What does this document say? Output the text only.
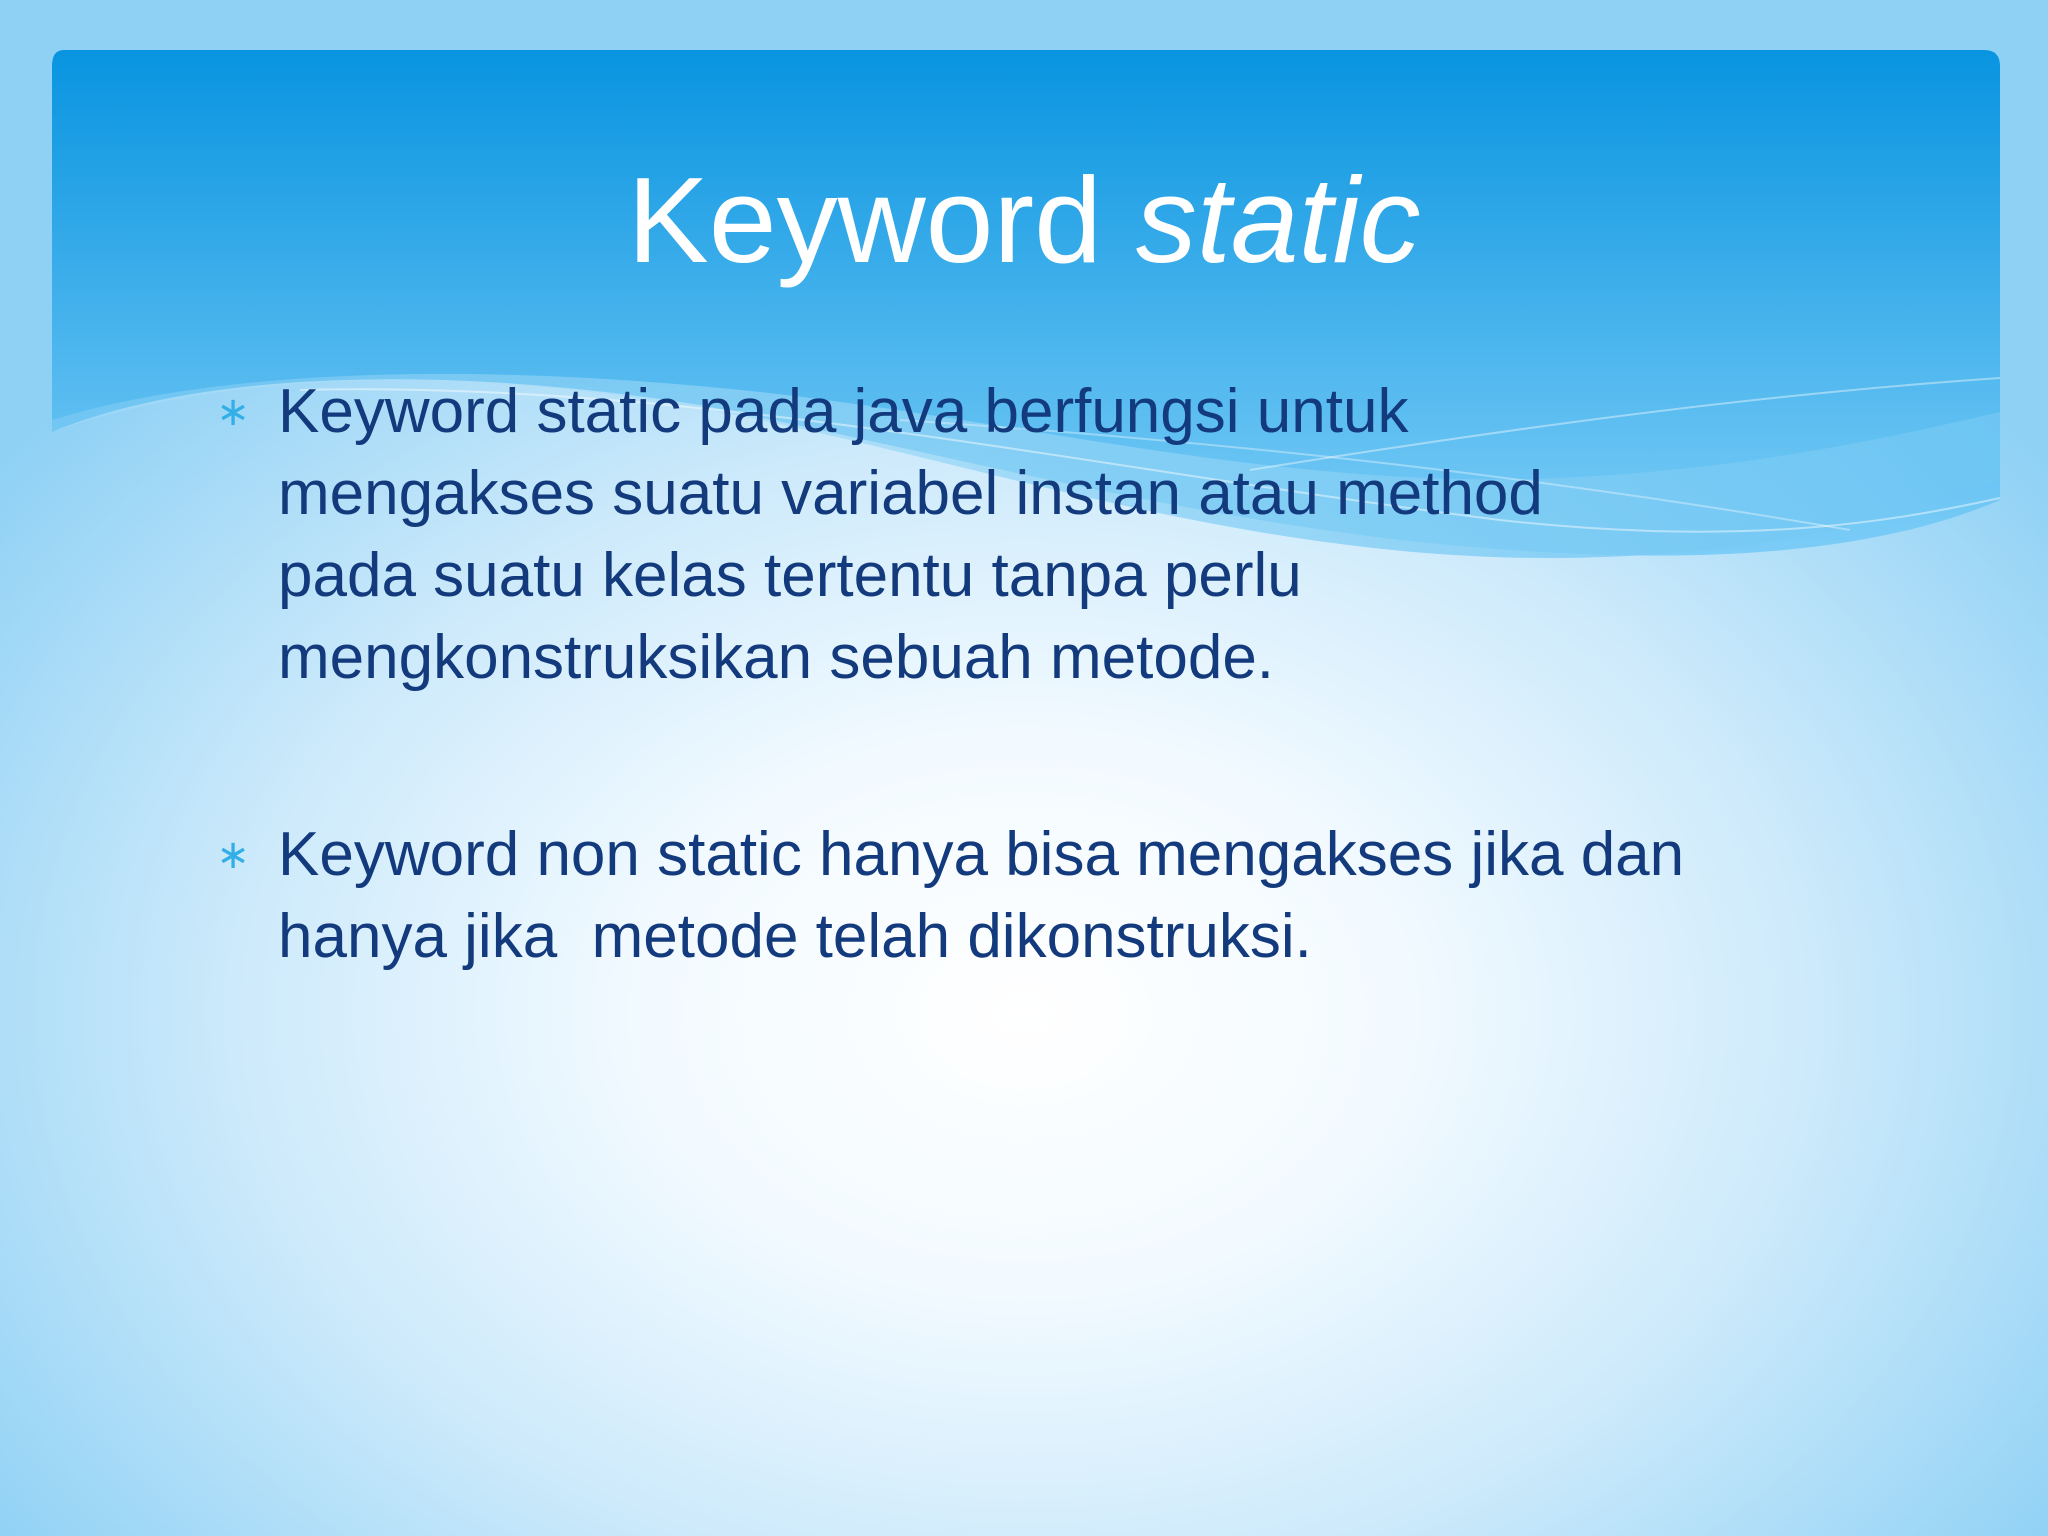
Keyword static
∗ Keyword static pada java berfungsi untuk
mengakses suatu variabel instan atau method
pada suatu kelas tertentu tanpa perlu
mengkonstruksikan sebuah metode.
∗ Keyword non static hanya bisa mengakses jika dan
hanya jika  metode telah dikonstruksi.
